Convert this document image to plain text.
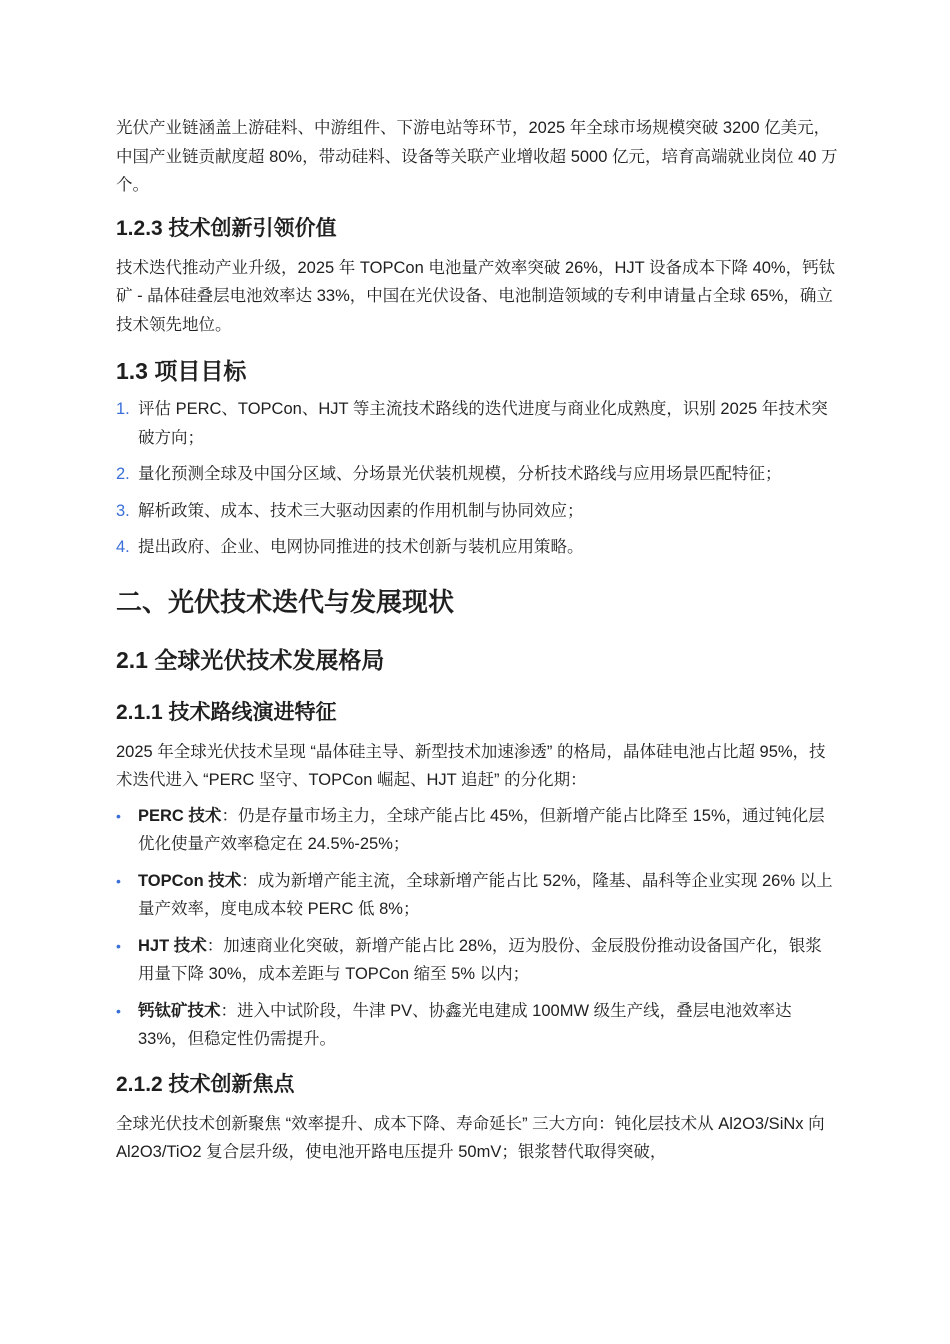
光伏产业链涵盖上游硅料、中游组件、下游电站等环节，2025 年全球市场规模突破 3200 亿美元，中国产业链贡献度超 80%，带动硅料、设备等关联产业增收超 5000 亿元，培育高端就业岗位 40 万个。

1.2.3 技术创新引领价值

技术迭代推动产业升级，2025 年 TOPCon 电池量产效率突破 26%，HJT 设备成本下降 40%，钙钛矿 - 晶体硅叠层电池效率达 33%，中国在光伏设备、电池制造领域的专利申请量占全球 65%，确立技术领先地位。

1.3 项目目标
1. 评估 PERC、TOPCon、HJT 等主流技术路线的迭代进度与商业化成熟度，识别 2025 年技术突破方向；
2. 量化预测全球及中国分区域、分场景光伏装机规模，分析技术路线与应用场景匹配特征；
3. 解析政策、成本、技术三大驱动因素的作用机制与协同效应；
4. 提出政府、企业、电网协同推进的技术创新与装机应用策略。
二、光伏技术迭代与发展现状
2.1 全球光伏技术发展格局
2.1.1 技术路线演进特征

2025 年全球光伏技术呈现 “晶体硅主导、新型技术加速渗透” 的格局，晶体硅电池占比超 95%，技术迭代进入 “PERC 坚守、TOPCon 崛起、HJT 追赶” 的分化期：

• PERC 技术：仍是存量市场主力，全球产能占比 45%，但新增产能占比降至 15%，通过钝化层优化使量产效率稳定在 24.5%-25%；
• TOPCon 技术：成为新增产能主流，全球新增产能占比 52%，隆基、晶科等企业实现 26% 以上量产效率，度电成本较 PERC 低 8%；
• HJT 技术：加速商业化突破，新增产能占比 28%，迈为股份、金辰股份推动设备国产化，银浆用量下降 30%，成本差距与 TOPCon 缩至 5% 以内；
• 钙钛矿技术：进入中试阶段，牛津 PV、协鑫光电建成 100MW 级生产线，叠层电池效率达 33%，但稳定性仍需提升。
2.1.2 技术创新焦点

全球光伏技术创新聚焦 “效率提升、成本下降、寿命延长” 三大方向：钝化层技术从 Al2O3/SiNx 向 Al2O3/TiO2 复合层升级，使电池开路电压提升 50mV；银浆替代取得突破，
